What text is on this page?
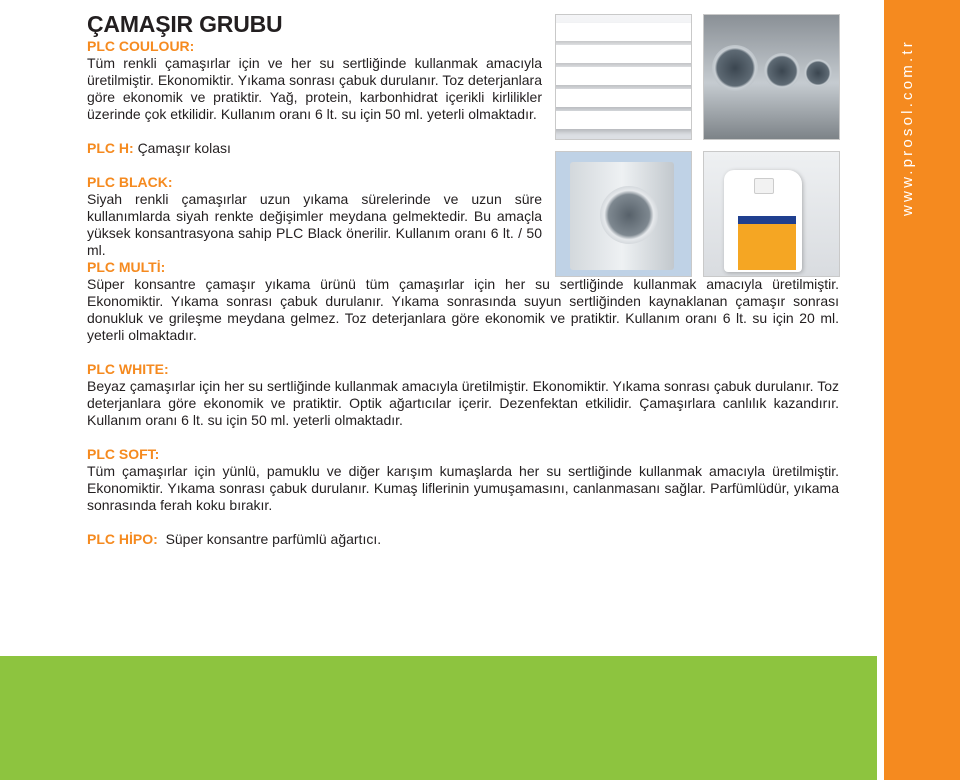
www.prosol.com.tr
ÇAMAŞIR GRUBU
PLC COULOUR:

Tüm renkli çamaşırlar için ve her su sertliğinde kullanmak amacıyla üretilmiştir. Ekonomiktir. Yıkama sonrası çabuk durulanır. Toz deterjanlara göre ekonomik ve pratiktir. Yağ, protein, karbonhidrat içerikli kirlilikler üzerinde çok etkilidir. Kullanım oranı 6 lt. su için 50 ml. yeterli olmaktadır.

PLC H: Çamaşır kolası

PLC BLACK:

Siyah renkli çamaşırlar uzun yıkama sürelerinde ve uzun süre kullanımlarda siyah renkte değişimler meydana gelmektedir. Bu amaçla yüksek konsantrasyona sahip PLC Black önerilir. Kullanım oranı 6 lt. / 50 ml.

PLC MULTİ:

Süper konsantre çamaşır yıkama ürünü tüm çamaşırlar için her su sertliğinde kullanmak amacıyla üretilmiştir. Ekonomiktir. Yıkama sonrası çabuk durulanır. Yıkama sonrasında suyun sertliğinden kaynaklanan çamaşır sonrası donukluk ve grileşme meydana gelmez. Toz deterjanlara göre ekonomik ve pratiktir. Kullanım oranı 6 lt. su için 20 ml. yeterli olmaktadır.

PLC WHITE:

Beyaz çamaşırlar için her su sertliğinde kullanmak amacıyla üretilmiştir. Ekonomiktir. Yıkama sonrası çabuk durulanır. Toz deterjanlara göre ekonomik ve pratiktir. Optik ağartıcılar içerir. Dezenfektan etkilidir. Çamaşırlara canlılık kazandırır. Kullanım oranı 6 lt. su için 50 ml. yeterli olmaktadır.

PLC SOFT:

Tüm çamaşırlar için yünlü, pamuklu ve diğer karışım kumaşlarda her su sertliğinde kullanmak amacıyla üretilmiştir. Ekonomiktir. Yıkama sonrası çabuk durulanır. Kumaş liflerinin yumuşamasını, canlanmasanı sağlar. Parfümlüdür, yıkama sonrasında ferah koku bırakır.

PLC HİPO: Süper konsantre parfümlü ağartıcı.
